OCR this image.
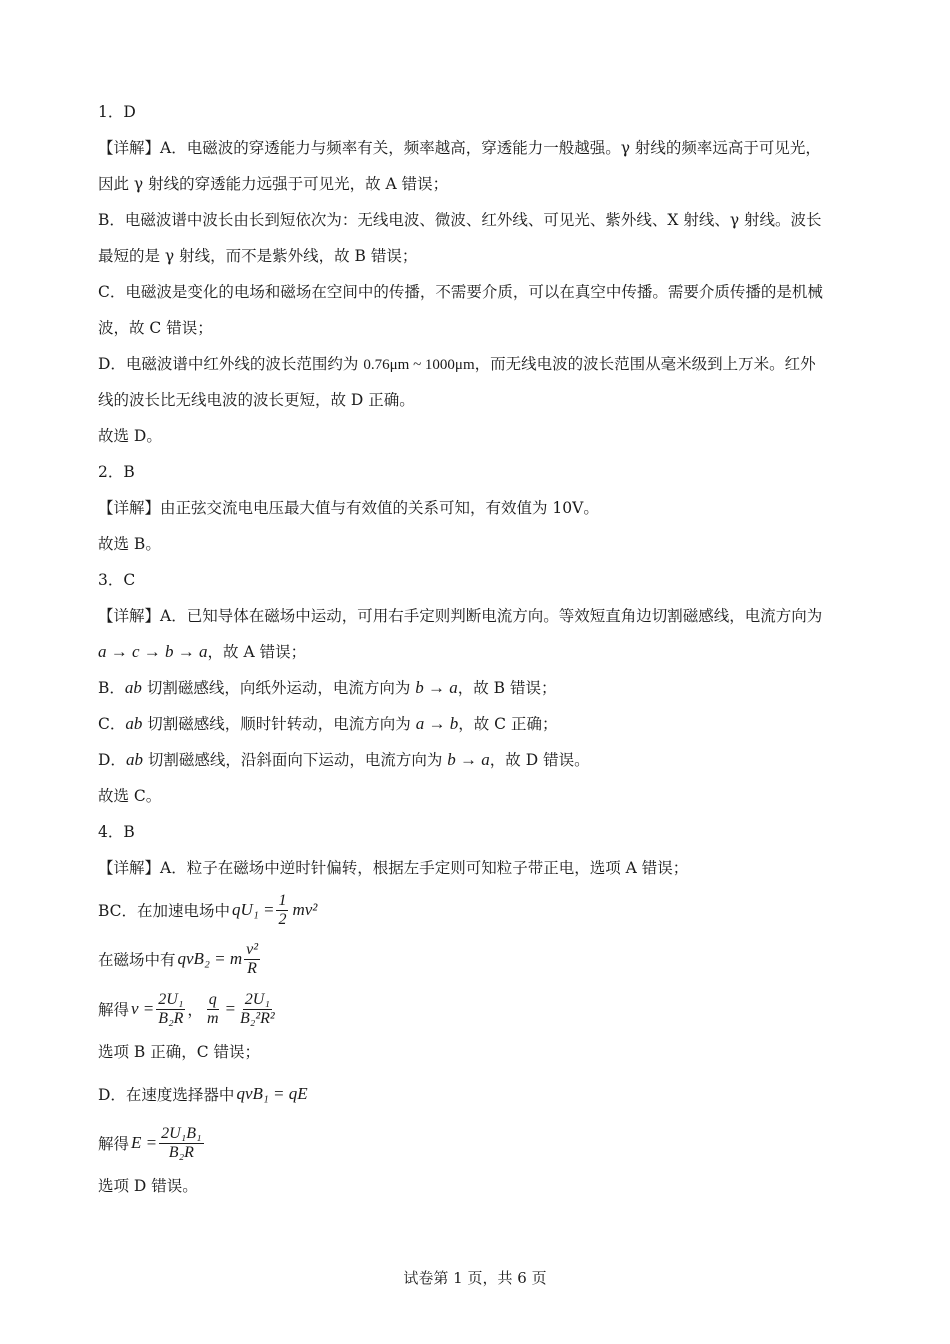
1．D
【详解】A．电磁波的穿透能力与频率有关，频率越高，穿透能力一般越强。γ 射线的频率远高于可见光，
因此 γ 射线的穿透能力远强于可见光，故 A 错误；
B．电磁波谱中波长由长到短依次为：无线电波、微波、红外线、可见光、紫外线、X 射线、γ 射线。波长
最短的是 γ 射线，而不是紫外线，故 B 错误；
C．电磁波是变化的电场和磁场在空间中的传播，不需要介质，可以在真空中传播。需要介质传播的是机械
波，故 C 错误；
D．电磁波谱中红外线的波长范围约为 0.76μm ~ 1000μm，而无线电波的波长范围从毫米级到上万米。红外
线的波长比无线电波的波长更短，故 D 正确。
故选 D。
2．B
【详解】由正弦交流电电压最大值与有效值的关系可知，有效值为 10V。
故选 B。
3．C
【详解】A．已知导体在磁场中运动，可用右手定则判断电流方向。等效短直角边切割磁感线，电流方向为
a → c → b → a，故 A 错误；
B．ab 切割磁感线，向纸外运动，电流方向为 b → a，故 B 错误；
C．ab 切割磁感线，顺时针转动，电流方向为 a → b，故 C 正确；
D．ab 切割磁感线，沿斜面向下运动，电流方向为 b → a，故 D 错误。
故选 C。
4．B
【详解】A．粒子在磁场中逆时针偏转，根据左手定则可知粒子带正电，选项 A 错误；
BC．在加速电场中 $qU_1 = \frac{1}{2} mv^2$
在磁场中有 qvB₂ = m $\frac{\text{v²}}{R}$
解得 $v = \frac{\text{2U₁}}{\text{B₂R}}$ ， $\frac{q}{m} = \frac{\text{2U₁}}{\text{B₂²R²}}$
选项 B 正确，C 错误；
D．在速度选择器中 qvB₁ = qE
解得 $E = \frac{\text{2U₁B₁}}{\text{B₂R}}$
选项 D 错误。
试卷第 1 页，共 6 页
